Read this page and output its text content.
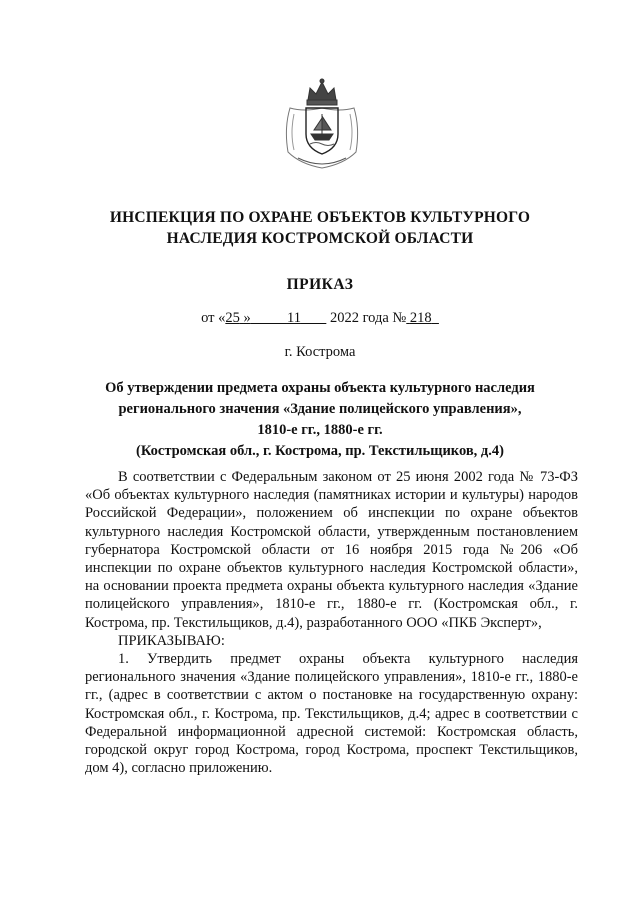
ИНСПЕКЦИЯ ПО ОХРАНЕ ОБЪЕКТОВ КУЛЬТУРНОГО
НАСЛЕДИЯ КОСТРОМСКОЙ ОБЛАСТИ
ПРИКАЗ
от «25 »	11 2022 года № 218
г. Кострома
Об утверждении предмета охраны объекта культурного наследия
регионального значения «Здание полицейского управления»,
1810-е гг., 1880-е гг.
(Костромская обл., г. Кострома, пр. Текстильщиков, д.4)

В соответствии с Федеральным законом от 25 июня 2002 года № 73-ФЗ «Об объектах культурного наследия (памятниках истории и культуры) народов Российской Федерации», положением об инспекции по охране объектов культурного наследия Костромской области, утвержденным постановлением губернатора Костромской области от 16 ноября 2015 года №206 «Об инспекции по охране объектов культурного наследия Костромской области», на основании проекта предмета охраны объекта культурного наследия «Здание полицейского управления», 1810-е гг., 1880-е гг. (Костромская обл., г. Кострома, пр. Текстильщиков, д.4), разработанного ООО «ПКБ Эксперт»,

ПРИКАЗЫВАЮ:

1. Утвердить предмет охраны объекта культурного наследия регионального значения «Здание полицейского управления», 1810-е гг., 1880-е гг., (адрес в соответствии с актом о постановке на государственную охрану: Костромская обл., г. Кострома, пр. Текстильщиков, д.4; адрес в соответствии с Федеральной информационной адресной системой: Костромская область, городской округ город Кострома, город Кострома, проспект Текстильщиков, дом 4), согласно приложению.
